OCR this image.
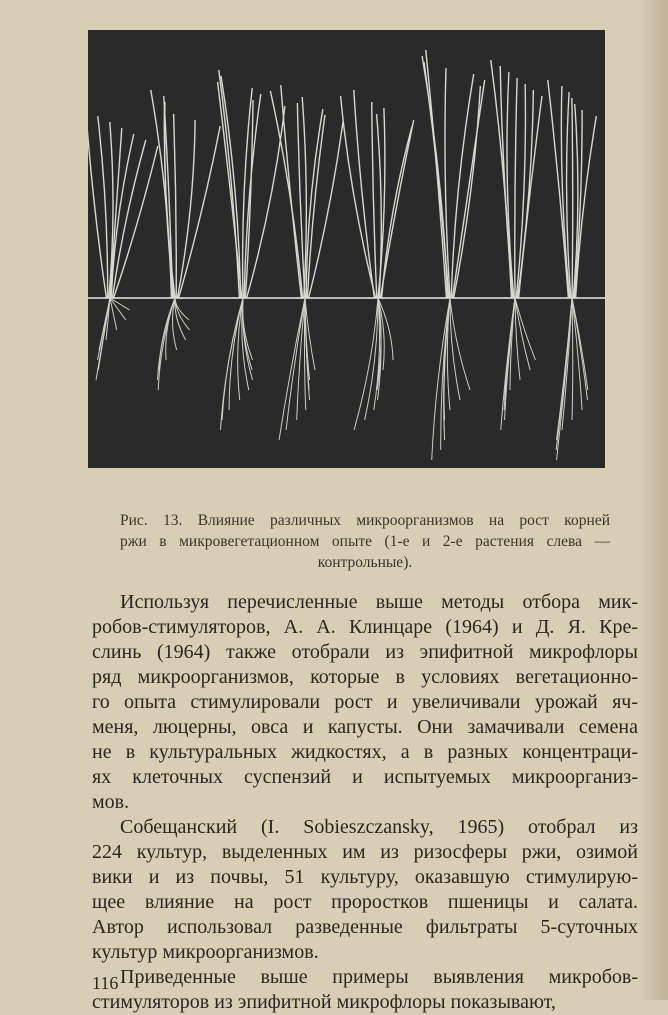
Рис. 13. Влияние различных микроорганизмов на рост корней
ржи в микровегетационном опыте (1-е и 2-е растения слева —
контрольные).
Используя перечисленные выше методы отбора мик-
робов-стимуляторов, А. А. Клинцаре (1964) и Д. Я. Кре-
слинь (1964) также отобрали из эпифитной микрофлоры
ряд микроорганизмов, которые в условиях вегетационно-
го опыта стимулировали рост и увеличивали урожай яч-
меня, люцерны, овса и капусты. Они замачивали семена
не в культуральных жидкостях, а в разных концентраци-
ях клеточных суспензий и испытуемых микроорганиз-
мов.
Собещанский (I. Sobieszczansky, 1965) отобрал из
224 культур, выделенных им из ризосферы ржи, озимой
вики и из почвы, 51 культуру, оказавшую стимулирую-
щее влияние на рост проростков пшеницы и салата.
Автор использовал разведенные фильтраты 5-суточных
культур микроорганизмов.
Приведенные выше примеры выявления микробов-
стимуляторов из эпифитной микрофлоры показывают,
116
